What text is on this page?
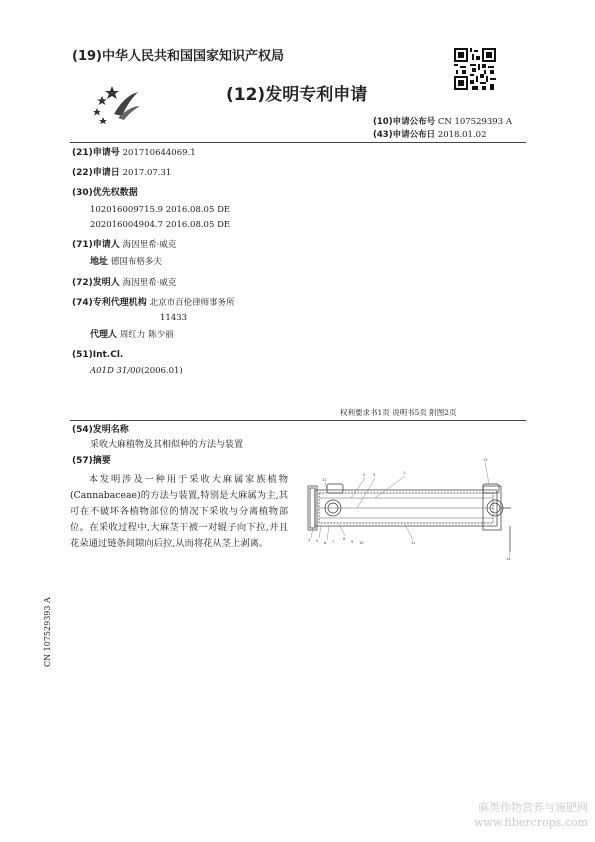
(19)中华人民共和国国家知识产权局
(12)发明专利申请
(10)申请公布号 CN 107529393 A
(43)申请公布日 2018.01.02
(21)申请号 201710644069.1
(22)申请日 2017.07.31
(30)优先权数据
102016009715.9 2016.08.05 DE
202016004904.7 2016.08.05 DE
(71)申请人 海因里希·威克
地址 德国布格多夫
(72)发明人 海因里希·威克
(74)专利代理机构 北京市百伦律师事务所
11433
代理人 周红力 陈少丽
(51)Int.Cl.
A01D 31/00(2006.01)
权利要求书1页 说明书5页 附图2页
(54)发明名称
采收大麻植物及其相似种的方法与装置
(57)摘要
本发明涉及一种用于采收大麻属家族植物(Cannabaceae)的方法与装置,特别是大麻属为主,其可在不破坏各植物部位的情况下采收与分离植物部位。在采收过程中,大麻茎干被一对辊子向下拉,并且花朵通过链条间隙向后拉,从而将花从茎上剥离。
13
12
2 3	1
4 5 6 7
8
9 10	11
14
CN 107529393 A
麻类作物营养与施肥网
www.fibercrops.com
